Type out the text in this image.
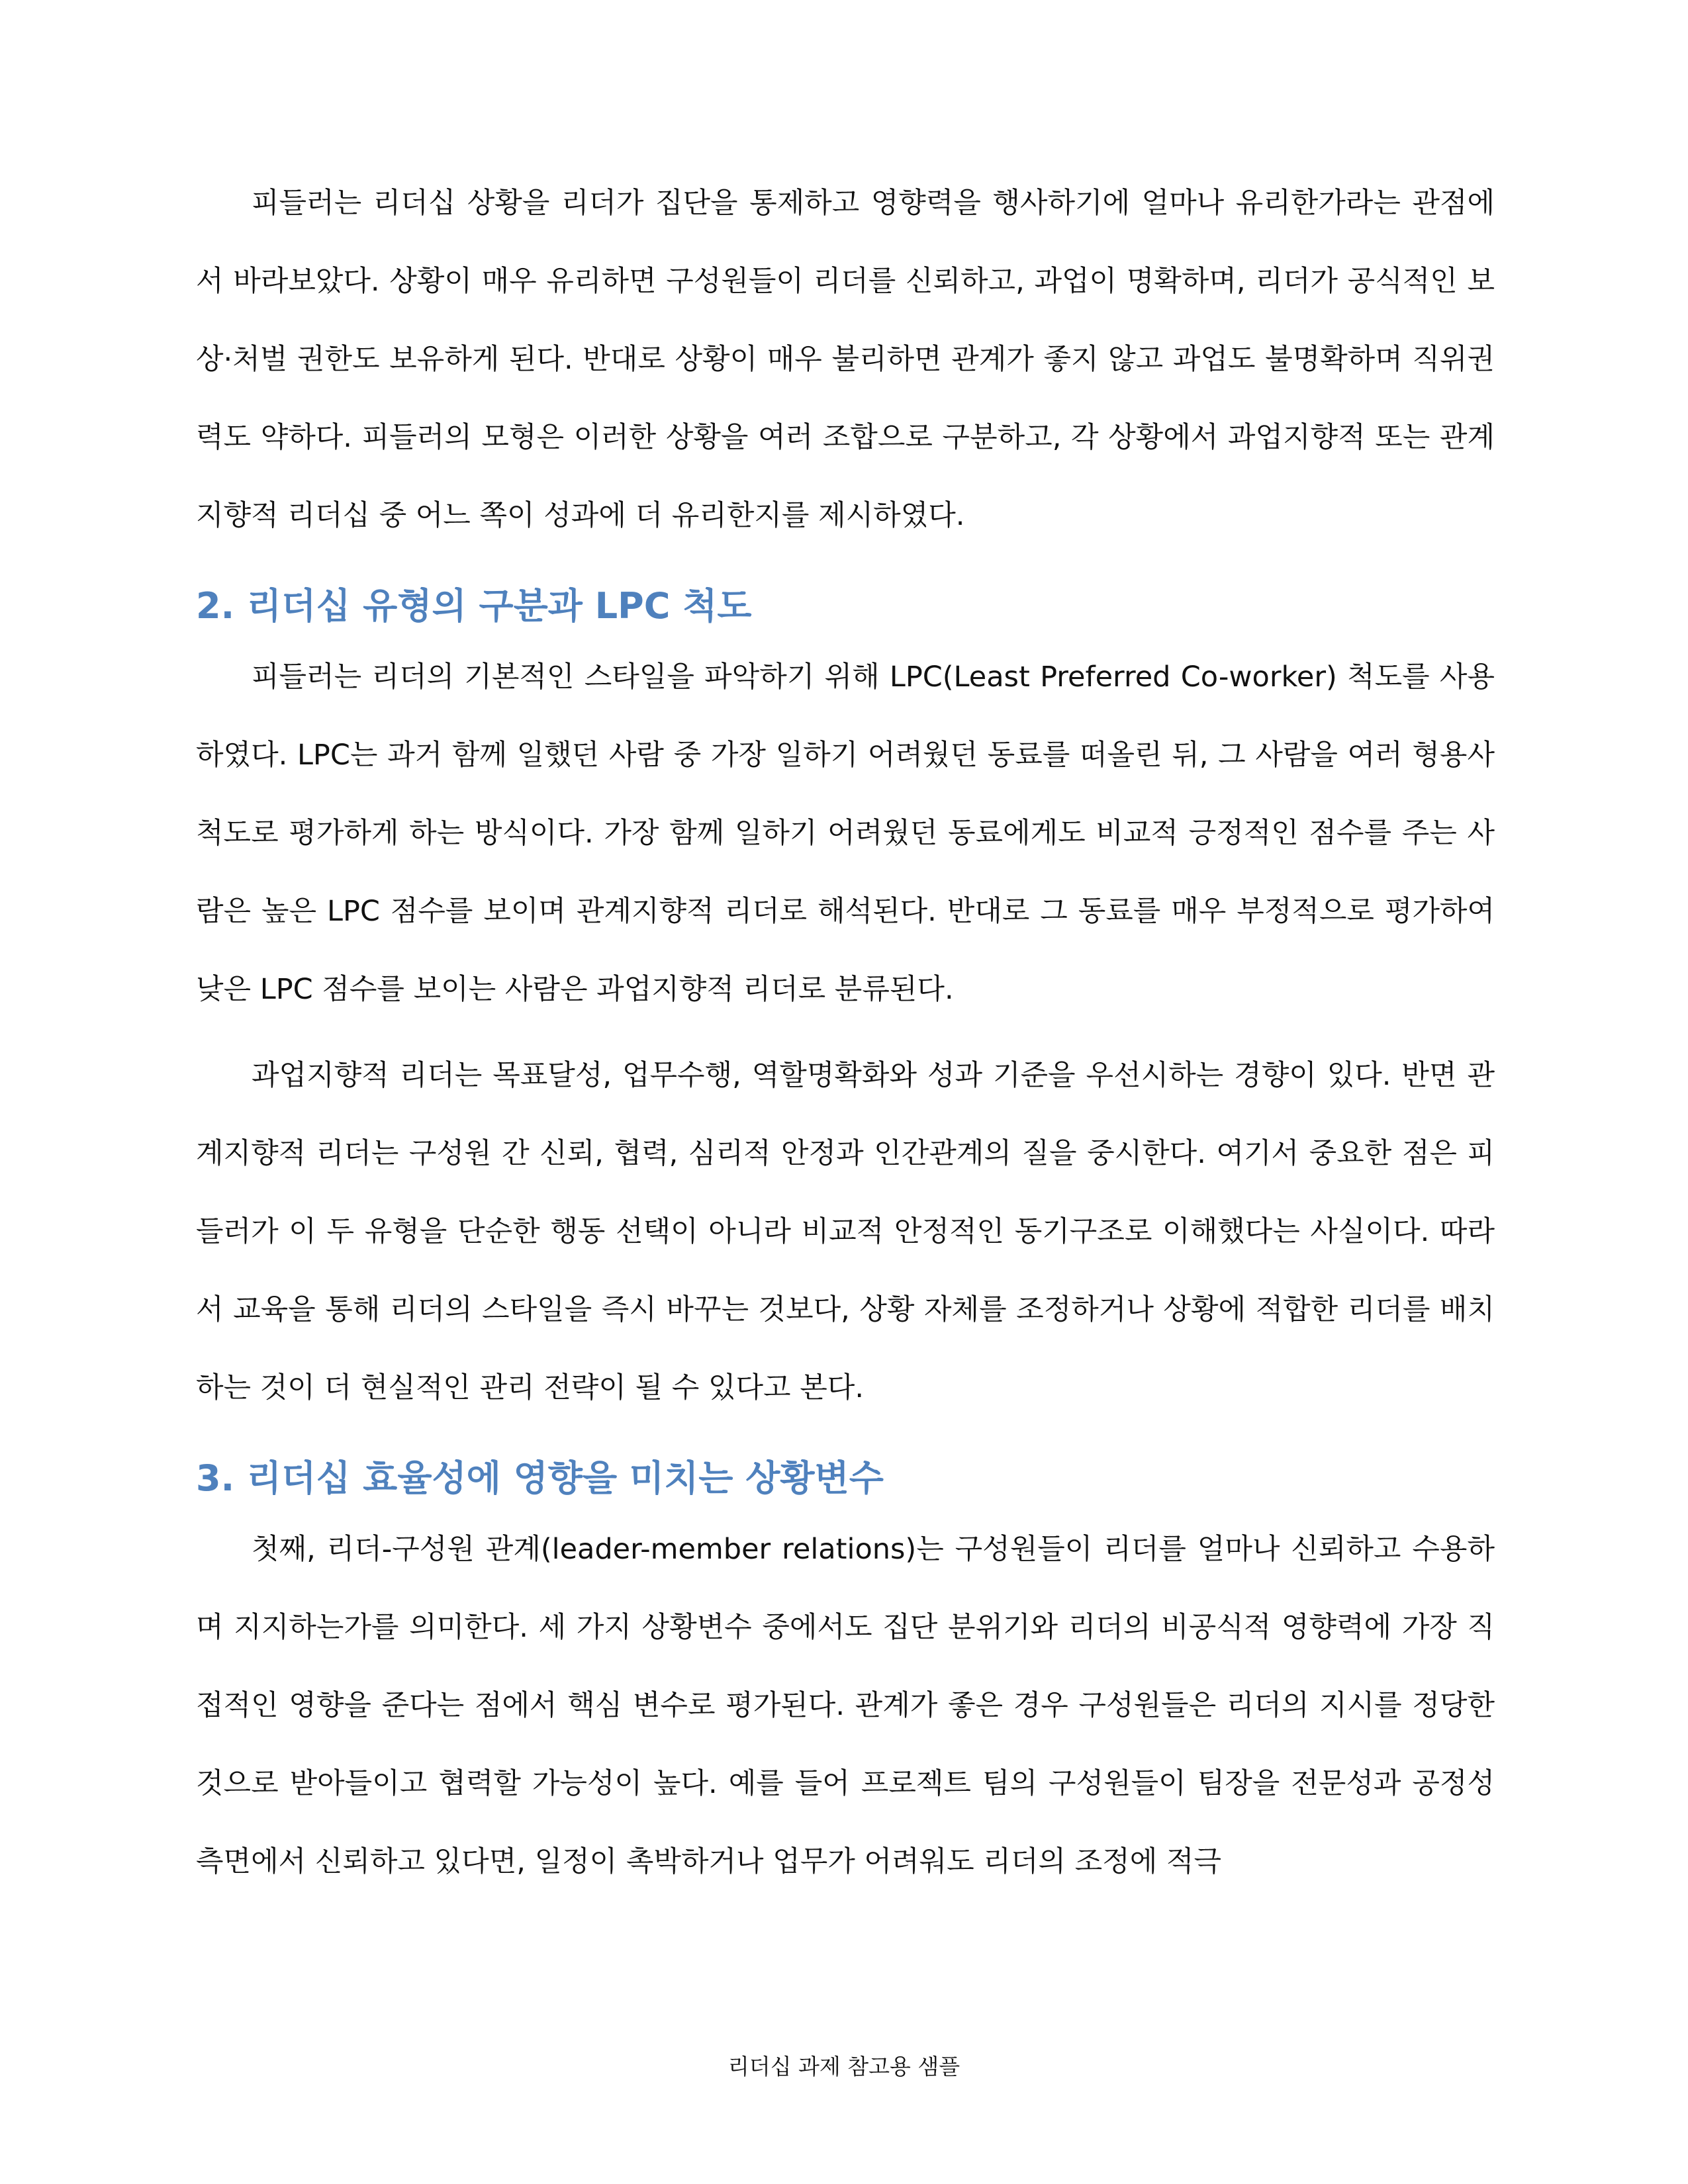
피들러는 리더십 상황을 리더가 집단을 통제하고 영향력을 행사하기에 얼마나 유리한가라는 관점에서 바라보았다. 상황이 매우 유리하면 구성원들이 리더를 신뢰하고, 과업이 명확하며, 리더가 공식적인 보상·처벌 권한도 보유하게 된다. 반대로 상황이 매우 불리하면 관계가 좋지 않고 과업도 불명확하며 직위권력도 약하다. 피들러의 모형은 이러한 상황을 여러 조합으로 구분하고, 각 상황에서 과업지향적 또는 관계지향적 리더십 중 어느 쪽이 성과에 더 유리한지를 제시하였다.

2. 리더십 유형의 구분과 LPC 척도

피들러는 리더의 기본적인 스타일을 파악하기 위해 LPC(Least Preferred Co-worker) 척도를 사용하였다. LPC는 과거 함께 일했던 사람 중 가장 일하기 어려웠던 동료를 떠올린 뒤, 그 사람을 여러 형용사 척도로 평가하게 하는 방식이다. 가장 함께 일하기 어려웠던 동료에게도 비교적 긍정적인 점수를 주는 사람은 높은 LPC 점수를 보이며 관계지향적 리더로 해석된다. 반대로 그 동료를 매우 부정적으로 평가하여 낮은 LPC 점수를 보이는 사람은 과업지향적 리더로 분류된다.

과업지향적 리더는 목표달성, 업무수행, 역할명확화와 성과 기준을 우선시하는 경향이 있다. 반면 관계지향적 리더는 구성원 간 신뢰, 협력, 심리적 안정과 인간관계의 질을 중시한다. 여기서 중요한 점은 피들러가 이 두 유형을 단순한 행동 선택이 아니라 비교적 안정적인 동기구조로 이해했다는 사실이다. 따라서 교육을 통해 리더의 스타일을 즉시 바꾸는 것보다, 상황 자체를 조정하거나 상황에 적합한 리더를 배치하는 것이 더 현실적인 관리 전략이 될 수 있다고 본다.

3. 리더십 효율성에 영향을 미치는 상황변수

첫째, 리더-구성원 관계(leader-member relations)는 구성원들이 리더를 얼마나 신뢰하고 수용하며 지지하는가를 의미한다. 세 가지 상황변수 중에서도 집단 분위기와 리더의 비공식적 영향력에 가장 직접적인 영향을 준다는 점에서 핵심 변수로 평가된다. 관계가 좋은 경우 구성원들은 리더의 지시를 정당한 것으로 받아들이고 협력할 가능성이 높다. 예를 들어 프로젝트 팀의 구성원들이 팀장을 전문성과 공정성 측면에서 신뢰하고 있다면, 일정이 촉박하거나 업무가 어려워도 리더의 조정에 적극

리더십 과제 참고용 샘플
